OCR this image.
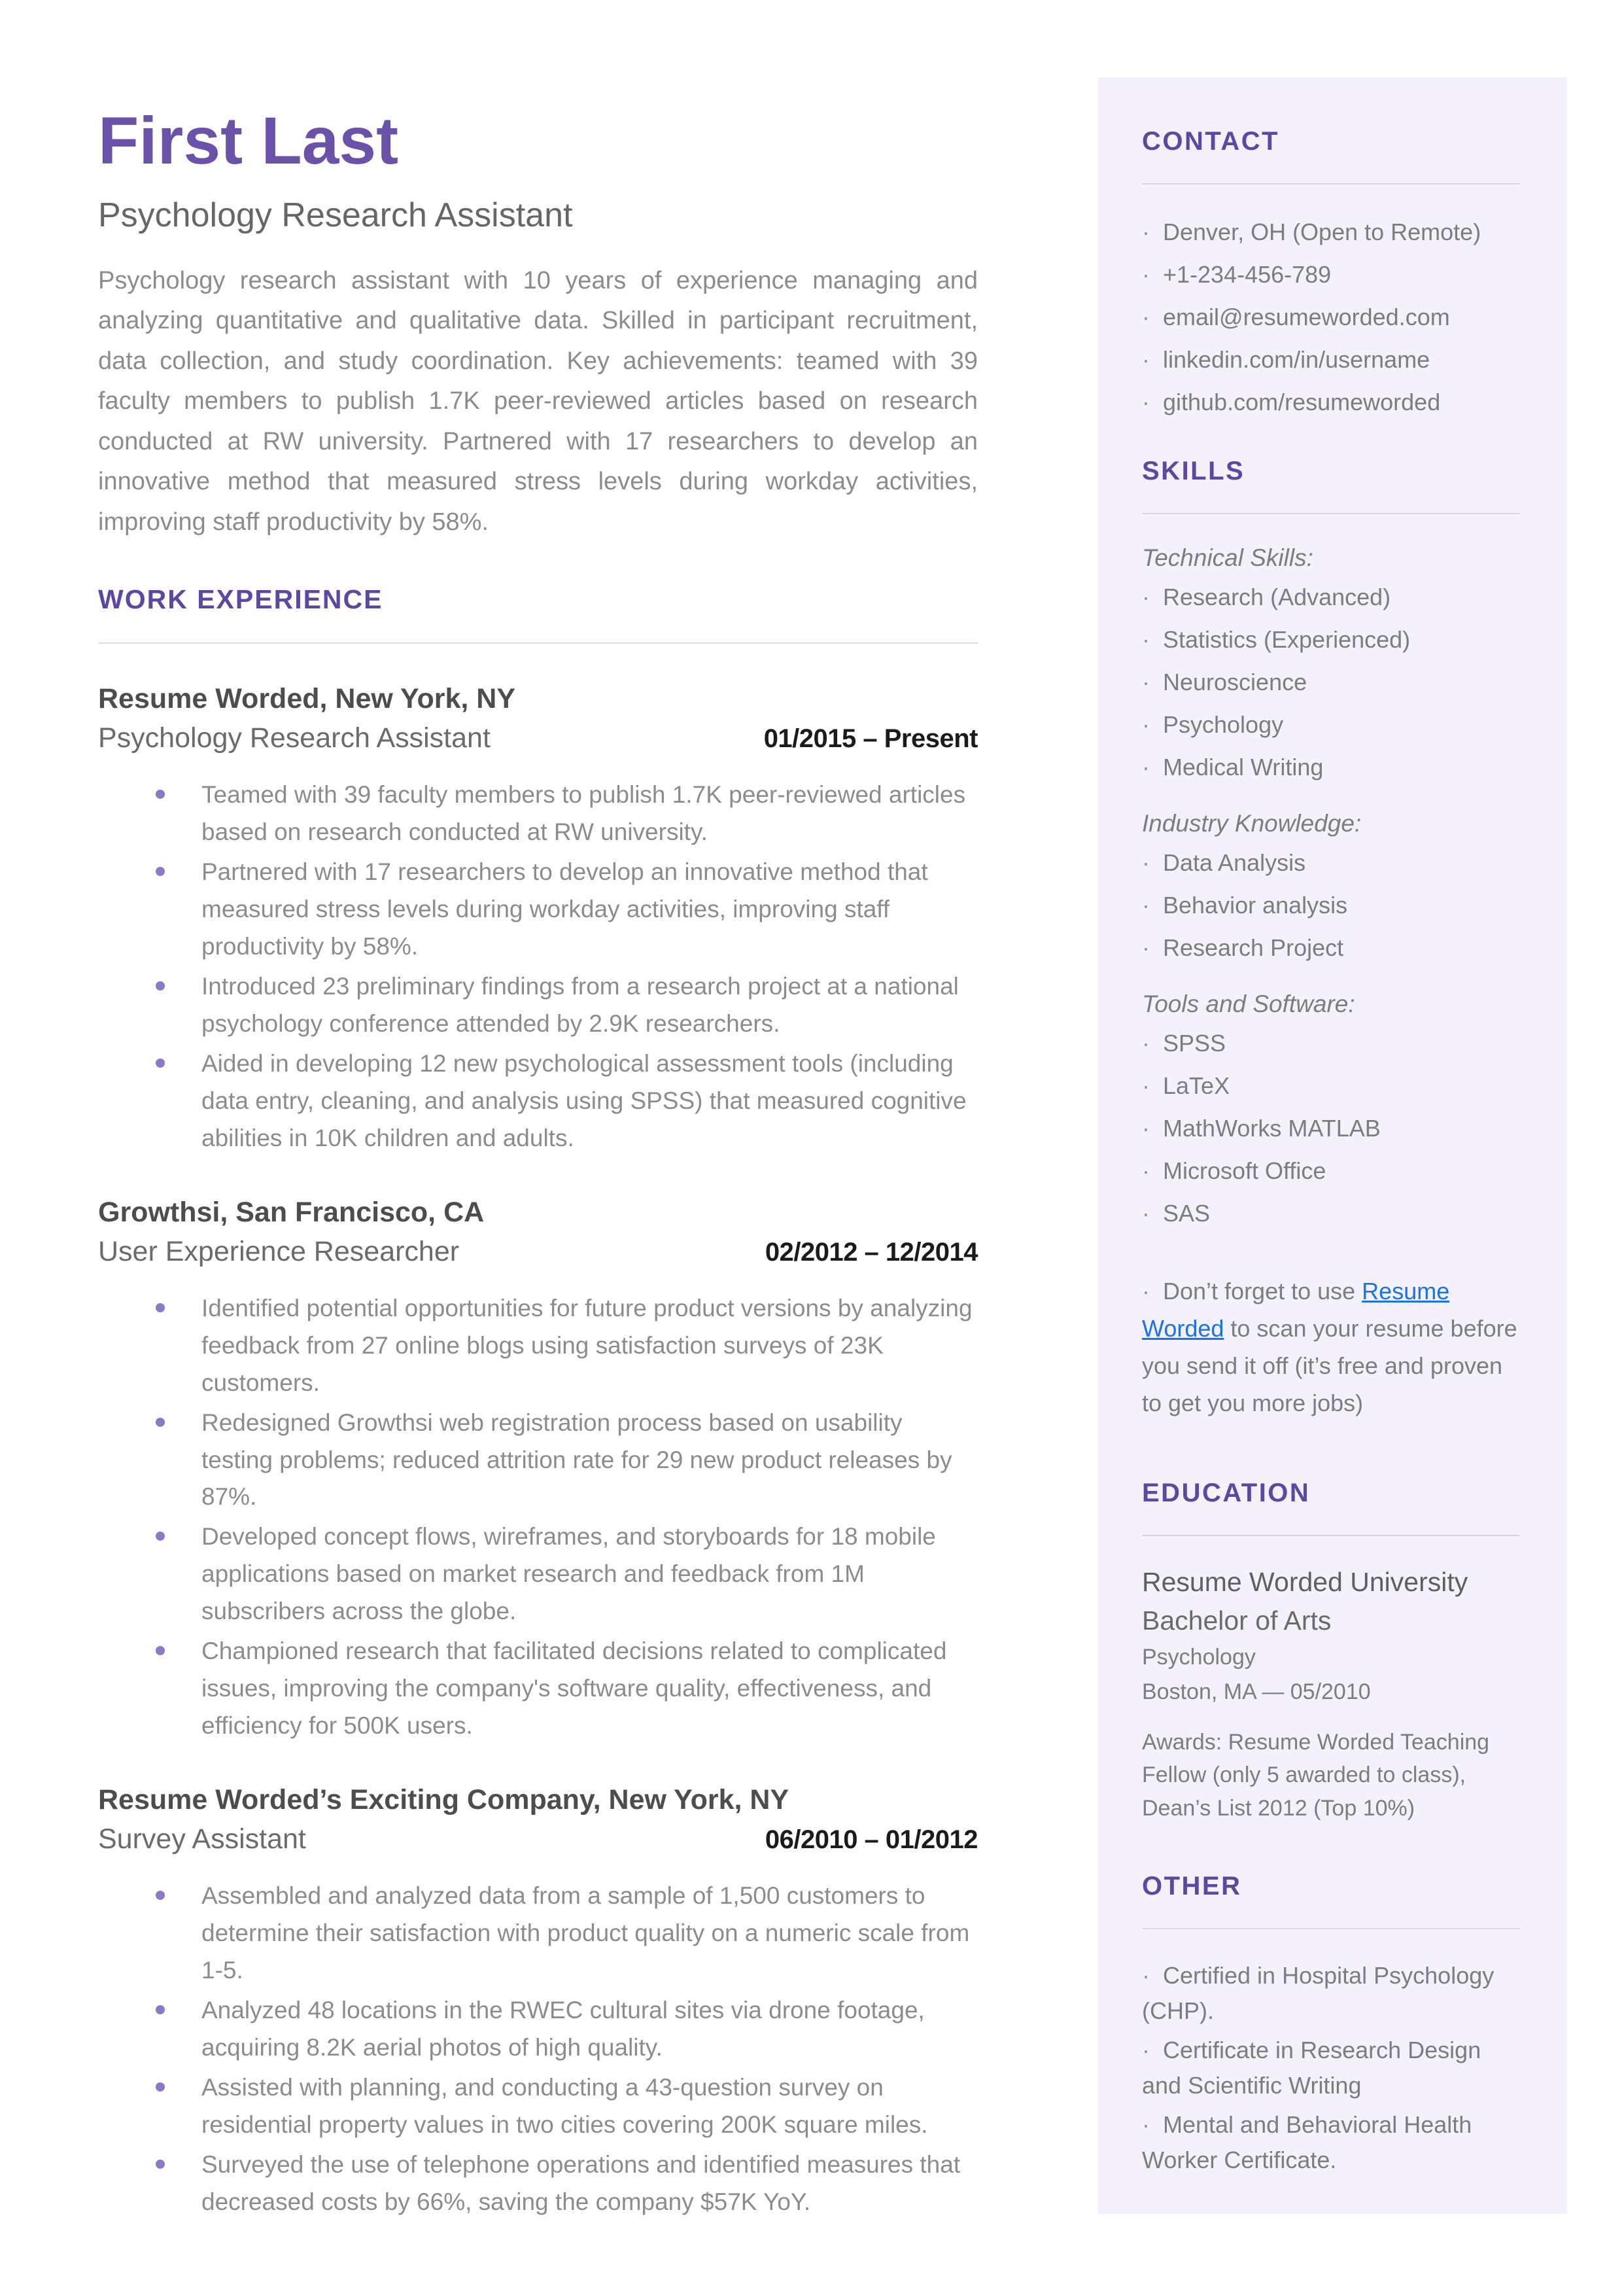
First Last
Psychology Research Assistant

Psychology research assistant with 10 years of experience managing and analyzing quantitative and qualitative data. Skilled in participant recruitment, data collection, and study coordination. Key achievements: teamed with 39 faculty members to publish 1.7K peer-reviewed articles based on research conducted at RW university. Partnered with 17 researchers to develop an innovative method that measured stress levels during workday activities, improving staff productivity by 58%.

WORK EXPERIENCE
Resume Worded, New York, NY
Psychology Research Assistant	01/2015 – Present
Teamed with 39 faculty members to publish 1.7K peer-reviewed articles based on research conducted at RW university.
Partnered with 17 researchers to develop an innovative method that measured stress levels during workday activities, improving staff productivity by 58%.
Introduced 23 preliminary findings from a research project at a national psychology conference attended by 2.9K researchers.
Aided in developing 12 new psychological assessment tools (including data entry, cleaning, and analysis using SPSS) that measured cognitive abilities in 10K children and adults.
Growthsi, San Francisco, CA
User Experience Researcher	02/2012 – 12/2014
Identified potential opportunities for future product versions by analyzing feedback from 27 online blogs using satisfaction surveys of 23K customers.
Redesigned Growthsi web registration process based on usability testing problems; reduced attrition rate for 29 new product releases by 87%.
Developed concept flows, wireframes, and storyboards for 18 mobile applications based on market research and feedback from 1M subscribers across the globe.
Championed research that facilitated decisions related to complicated issues, improving the company's software quality, effectiveness, and efficiency for 500K users.
Resume Worded’s Exciting Company, New York, NY
Survey Assistant	06/2010 – 01/2012
Assembled and analyzed data from a sample of 1,500 customers to determine their satisfaction with product quality on a numeric scale from 1-5.
Analyzed 48 locations in the RWEC cultural sites via drone footage, acquiring 8.2K aerial photos of high quality.
Assisted with planning, and conducting a 43-question survey on residential property values in two cities covering 200K square miles.
Surveyed the use of telephone operations and identified measures that decreased costs by 66%, saving the company $57K YoY.
CONTACT
· Denver, OH (Open to Remote)
· +1-234-456-789
· email@resumeworded.com
· linkedin.com/in/username
· github.com/resumeworded
SKILLS
Technical Skills:
· Research (Advanced)
· Statistics (Experienced)
· Neuroscience
· Psychology
· Medical Writing
Industry Knowledge:
· Data Analysis
· Behavior analysis
· Research Project
Tools and Software:
· SPSS
· LaTeX
· MathWorks MATLAB
· Microsoft Office
· SAS
· Don’t forget to use Resume Worded to scan your resume before you send it off (it’s free and proven to get you more jobs)
EDUCATION
Resume Worded University
Bachelor of Arts
Psychology
Boston, MA — 05/2010
Awards: Resume Worded Teaching Fellow (only 5 awarded to class), Dean’s List 2012 (Top 10%)
OTHER
· Certified in Hospital Psychology (CHP).
· Certificate in Research Design and Scientific Writing
· Mental and Behavioral Health Worker Certificate.
